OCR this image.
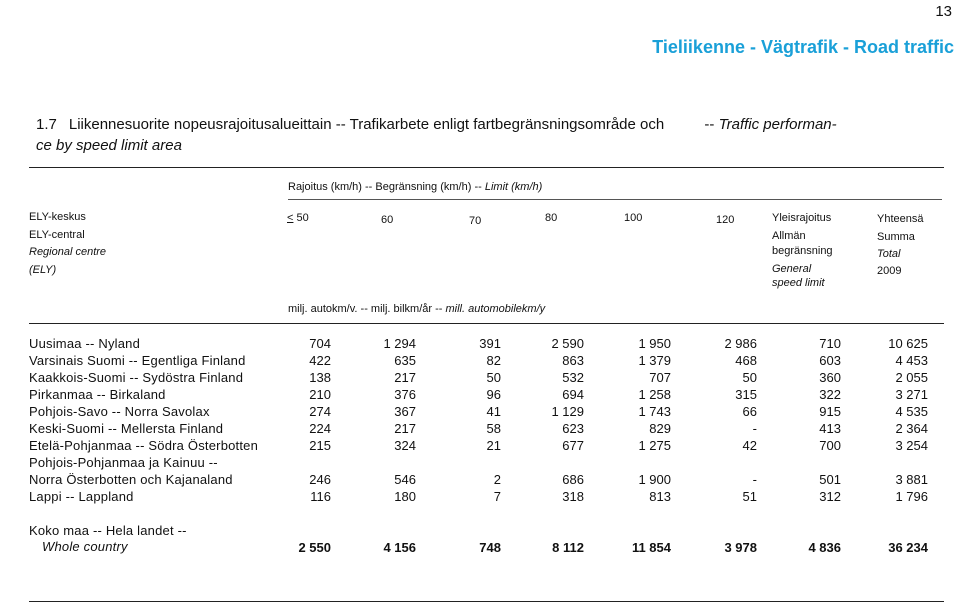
13
Tieliikenne - Vägtrafik - Road traffic
1.7 Liikennesuorite nopeusrajoitusalueittain -- Trafikarbete enligt fartbegränsningsområde och	-- Traffic performan-
ce by speed limit area
Rajoitus (km/h) -- Begränsning (km/h) -- Limit (km/h)
ELY-keskus
ELY-central
Regional centre
(ELY)
< 50	60	70	80	100	120	Yleisrajoitus
Allmän
begränsning
General
speed limit
Yhteensä
Summa
Total
2009
milj. autokm/v. -- milj. bilkm/år -- mill. automobilekm/y
Uusimaa -- Nyland	704	1 294	391	2 590	1 950	2 986	710	10 625
Varsinais Suomi -- Egentliga Finland	422	635	82	863	1 379	468	603	4 453
Kaakkois-Suomi -- Sydöstra Finland	138	217	50	532	707	50	360	2 055
Pirkanmaa -- Birkaland	210	376	96	694	1 258	315	322	3 271
Pohjois-Savo -- Norra Savolax	274	367	41	1 129	1 743	66	915	4 535
Keski-Suomi -- Mellersta Finland	224	217	58	623	829	-	413	2 364
Etelä-Pohjanmaa -- Södra Österbotten	215	324	21	677	1 275	42	700	3 254
Pohjois-Pohjanmaa ja Kainuu --
Norra Österbotten och Kajanaland	246	546	2	686	1 900	-	501	3 881
Lappi -- Lappland	116	180	7	318	813	51	312	1 796
Koko maa -- Hela landet --
Whole country	2 550	4 156	748	8 112	11 854	3 978	4 836	36 234
